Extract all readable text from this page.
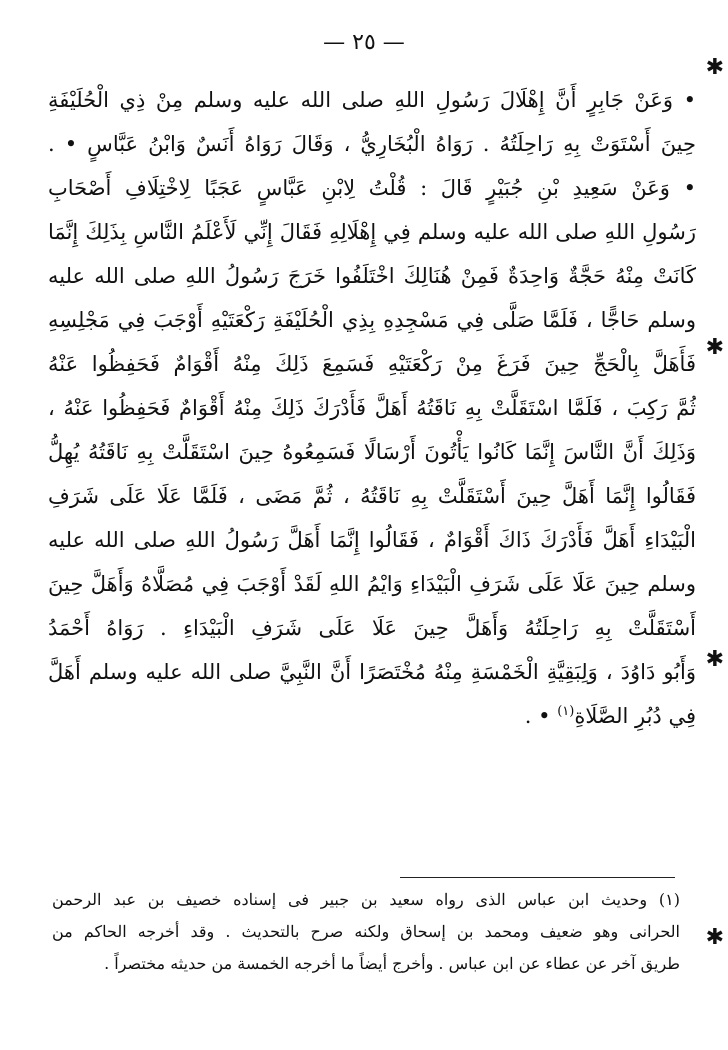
— ٢٥ —
• وَعَنْ جَابِرٍ أَنَّ إِهْلَالَ رَسُولِ اللهِ صلى الله عليه وسلم مِنْ ذِي الْحُلَيْفَةِ
حِينَ أَسْتَوَتْ بِهِ رَاحِلَتُهُ . رَوَاهُ الْبُخَارِيُّ ، وَقَالَ رَوَاهُ أَنَسٌ وَابْنُ عَبَّاسٍ • .
• وَعَنْ سَعِيدِ بْنِ جُبَيْرٍ قَالَ : قُلْتُ لِابْنِ عَبَّاسٍ عَجَبًا لِاخْتِلَافِ أَصْحَابِ
رَسُولِ اللهِ صلى الله عليه وسلم فِي إِهْلَالِهِ فَقَالَ إِنِّي لَأَعْلَمُ النَّاسِ بِذَلِكَ إِنَّمَا
كَانَتْ مِنْهُ حَجَّةٌ وَاحِدَةٌ فَمِنْ هُنَالِكَ اخْتَلَفُوا خَرَجَ رَسُولُ اللهِ صلى الله عليه
وسلم حَاجًّا ، فَلَمَّا صَلَّى فِي مَسْجِدِهِ بِذِي الْحُلَيْفَةِ رَكْعَتَيْهِ أَوْجَبَ فِي مَجْلِسِهِ
فَأَهَلَّ بِالْحَجِّ حِينَ فَرَغَ مِنْ رَكْعَتَيْهِ فَسَمِعَ ذَلِكَ مِنْهُ أَقْوَامٌ فَحَفِظُوا عَنْهُ
ثُمَّ رَكِبَ ، فَلَمَّا اسْتَقَلَّتْ بِهِ نَاقَتُهُ أَهَلَّ فَأَدْرَكَ ذَلِكَ مِنْهُ أَقْوَامٌ فَحَفِظُوا عَنْهُ ،
وَذَلِكَ أَنَّ النَّاسَ إِنَّمَا كَانُوا يَأْتُونَ أَرْسَالًا فَسَمِعُوهُ حِينَ اسْتَقَلَّتْ بِهِ نَاقَتُهُ يُهِلُّ
فَقَالُوا إِنَّمَا أَهَلَّ حِينَ أَسْتَقَلَّتْ بِهِ نَاقَتُهُ ، ثُمَّ مَضَى ، فَلَمَّا عَلَا عَلَى شَرَفِ
الْبَيْدَاءِ أَهَلَّ فَأَدْرَكَ ذَاكَ أَقْوَامٌ ، فَقَالُوا إِنَّمَا أَهَلَّ رَسُولُ اللهِ صلى الله عليه
وسلم حِينَ عَلَا عَلَى شَرَفِ الْبَيْدَاءِ وَايْمُ اللهِ لَقَدْ أَوْجَبَ فِي مُصَلَّاهُ وَأَهَلَّ حِينَ
أَسْتَقَلَّتْ بِهِ رَاحِلَتُهُ وَأَهَلَّ حِينَ عَلَا عَلَى شَرَفِ الْبَيْدَاءِ . رَوَاهُ أَحْمَدُ
وَأَبُو دَاوُدَ ، وَلِبَقِيَّةِ الْخَمْسَةِ مِنْهُ مُخْتَصَرًا أَنَّ النَّبِيَّ صلى الله عليه وسلم أَهَلَّ
فِي دُبُرِ الصَّلَاةِ$^{(١)}$ • .
(١) وحديث ابن عباس الذى رواه سعيد بن جبير فى إسناده خصيف بن عبد الرحمن
الحرانى وهو ضعيف ومحمد بن إسحاق ولكنه صرح بالتحديث . وقد أخرجه الحاكم من
طريق آخر عن عطاء عن ابن عباس . وأخرج أيضاً ما أخرجه الخمسة من حديثه مختصراً .
✱
✱
✱
✱
